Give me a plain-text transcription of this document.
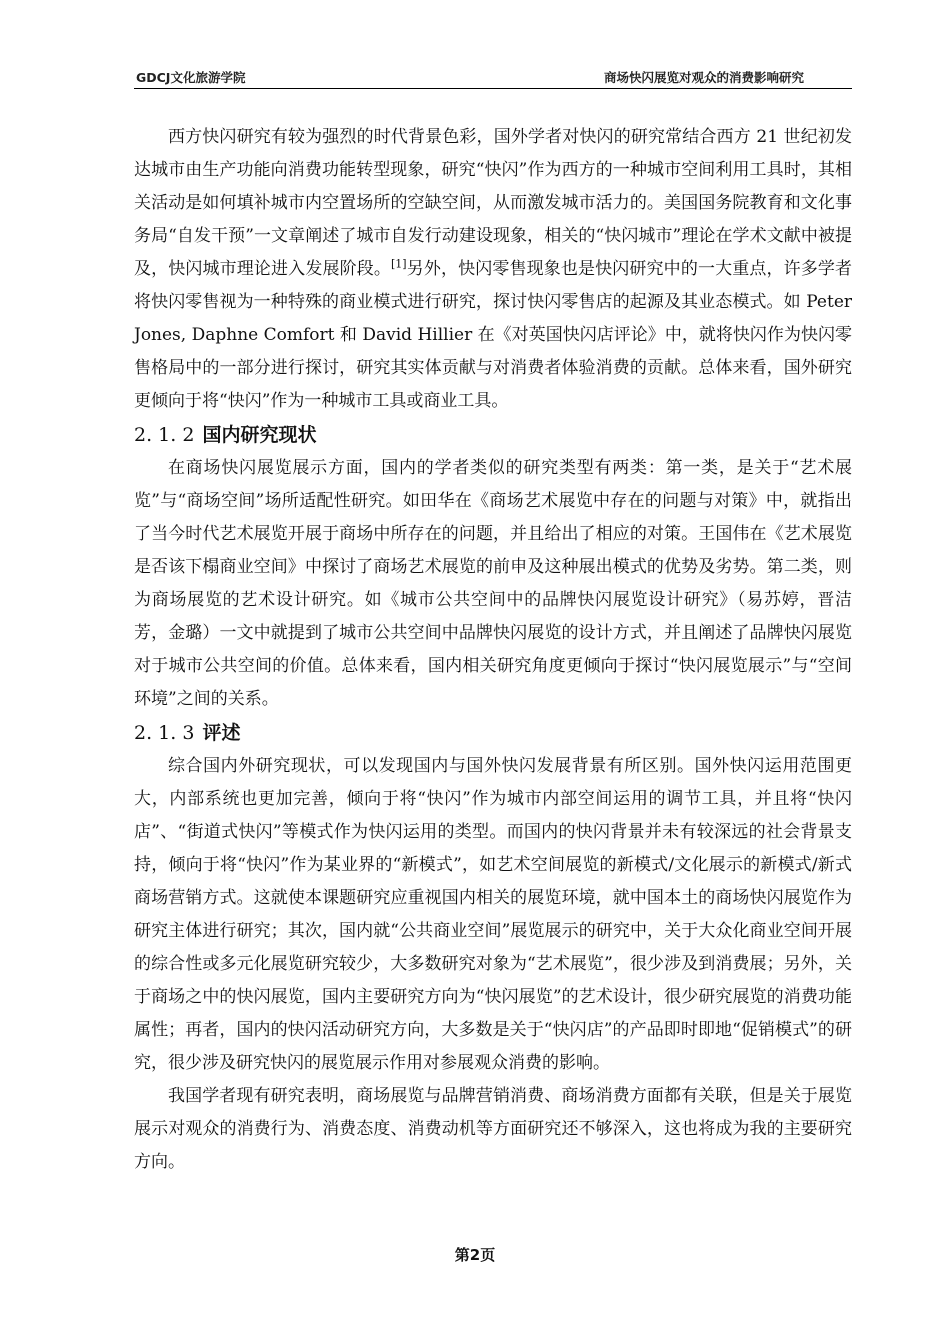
GDCJ文化旅游学院	商场快闪展览对观众的消费影响研究

西方快闪研究有较为强烈的时代背景色彩，国外学者对快闪的研究常结合西方 21 世纪初发达城市由生产功能向消费功能转型现象，研究“快闪”作为西方的一种城市空间利用工具时，其相关活动是如何填补城市内空置场所的空缺空间，从而激发城市活力的。美国国务院教育和文化事务局“自发干预”一文章阐述了城市自发行动建设现象，相关的“快闪城市”理论在学术文献中被提及，快闪城市理论进入发展阶段。[1]另外，快闪零售现象也是快闪研究中的一大重点，许多学者将快闪零售视为一种特殊的商业模式进行研究，探讨快闪零售店的起源及其业态模式。如 Peter Jones, Daphne Comfort 和 David Hillier 在《对英国快闪店评论》中，就将快闪作为快闪零售格局中的一部分进行探讨，研究其实体贡献与对消费者体验消费的贡献。总体来看，国外研究更倾向于将“快闪”作为一种城市工具或商业工具。

2. 1. 2 国内研究现状

在商场快闪展览展示方面，国内的学者类似的研究类型有两类：第一类，是关于“艺术展览”与“商场空间”场所适配性研究。如田华在《商场艺术展览中存在的问题与对策》中，就指出了当今时代艺术展览开展于商场中所存在的问题，并且给出了相应的对策。王国伟在《艺术展览是否该下榻商业空间》中探讨了商场艺术展览的前申及这种展出模式的优势及劣势。第二类，则为商场展览的艺术设计研究。如《城市公共空间中的品牌快闪展览设计研究》（易苏婷，晋洁芳，金璐）一文中就提到了城市公共空间中品牌快闪展览的设计方式，并且阐述了品牌快闪展览对于城市公共空间的价值。总体来看，国内相关研究角度更倾向于探讨“快闪展览展示”与“空间环境”之间的关系。

2. 1. 3 评述

综合国内外研究现状，可以发现国内与国外快闪发展背景有所区别。国外快闪运用范围更大，内部系统也更加完善，倾向于将“快闪”作为城市内部空间运用的调节工具，并且将“快闪店”、“街道式快闪”等模式作为快闪运用的类型。而国内的快闪背景并未有较深远的社会背景支持，倾向于将“快闪”作为某业界的“新模式”，如艺术空间展览的新模式/文化展示的新模式/新式商场营销方式。这就使本课题研究应重视国内相关的展览环境，就中国本土的商场快闪展览作为研究主体进行研究；其次，国内就“公共商业空间”展览展示的研究中，关于大众化商业空间开展的综合性或多元化展览研究较少，大多数研究对象为“艺术展览”，很少涉及到消费展；另外，关于商场之中的快闪展览，国内主要研究方向为“快闪展览”的艺术设计，很少研究展览的消费功能属性；再者，国内的快闪活动研究方向，大多数是关于“快闪店”的产品即时即地“促销模式”的研究，很少涉及研究快闪的展览展示作用对参展观众消费的影响。

我国学者现有研究表明，商场展览与品牌营销消费、商场消费方面都有关联，但是关于展览展示对观众的消费行为、消费态度、消费动机等方面研究还不够深入，这也将成为我的主要研究方向。

第2页
